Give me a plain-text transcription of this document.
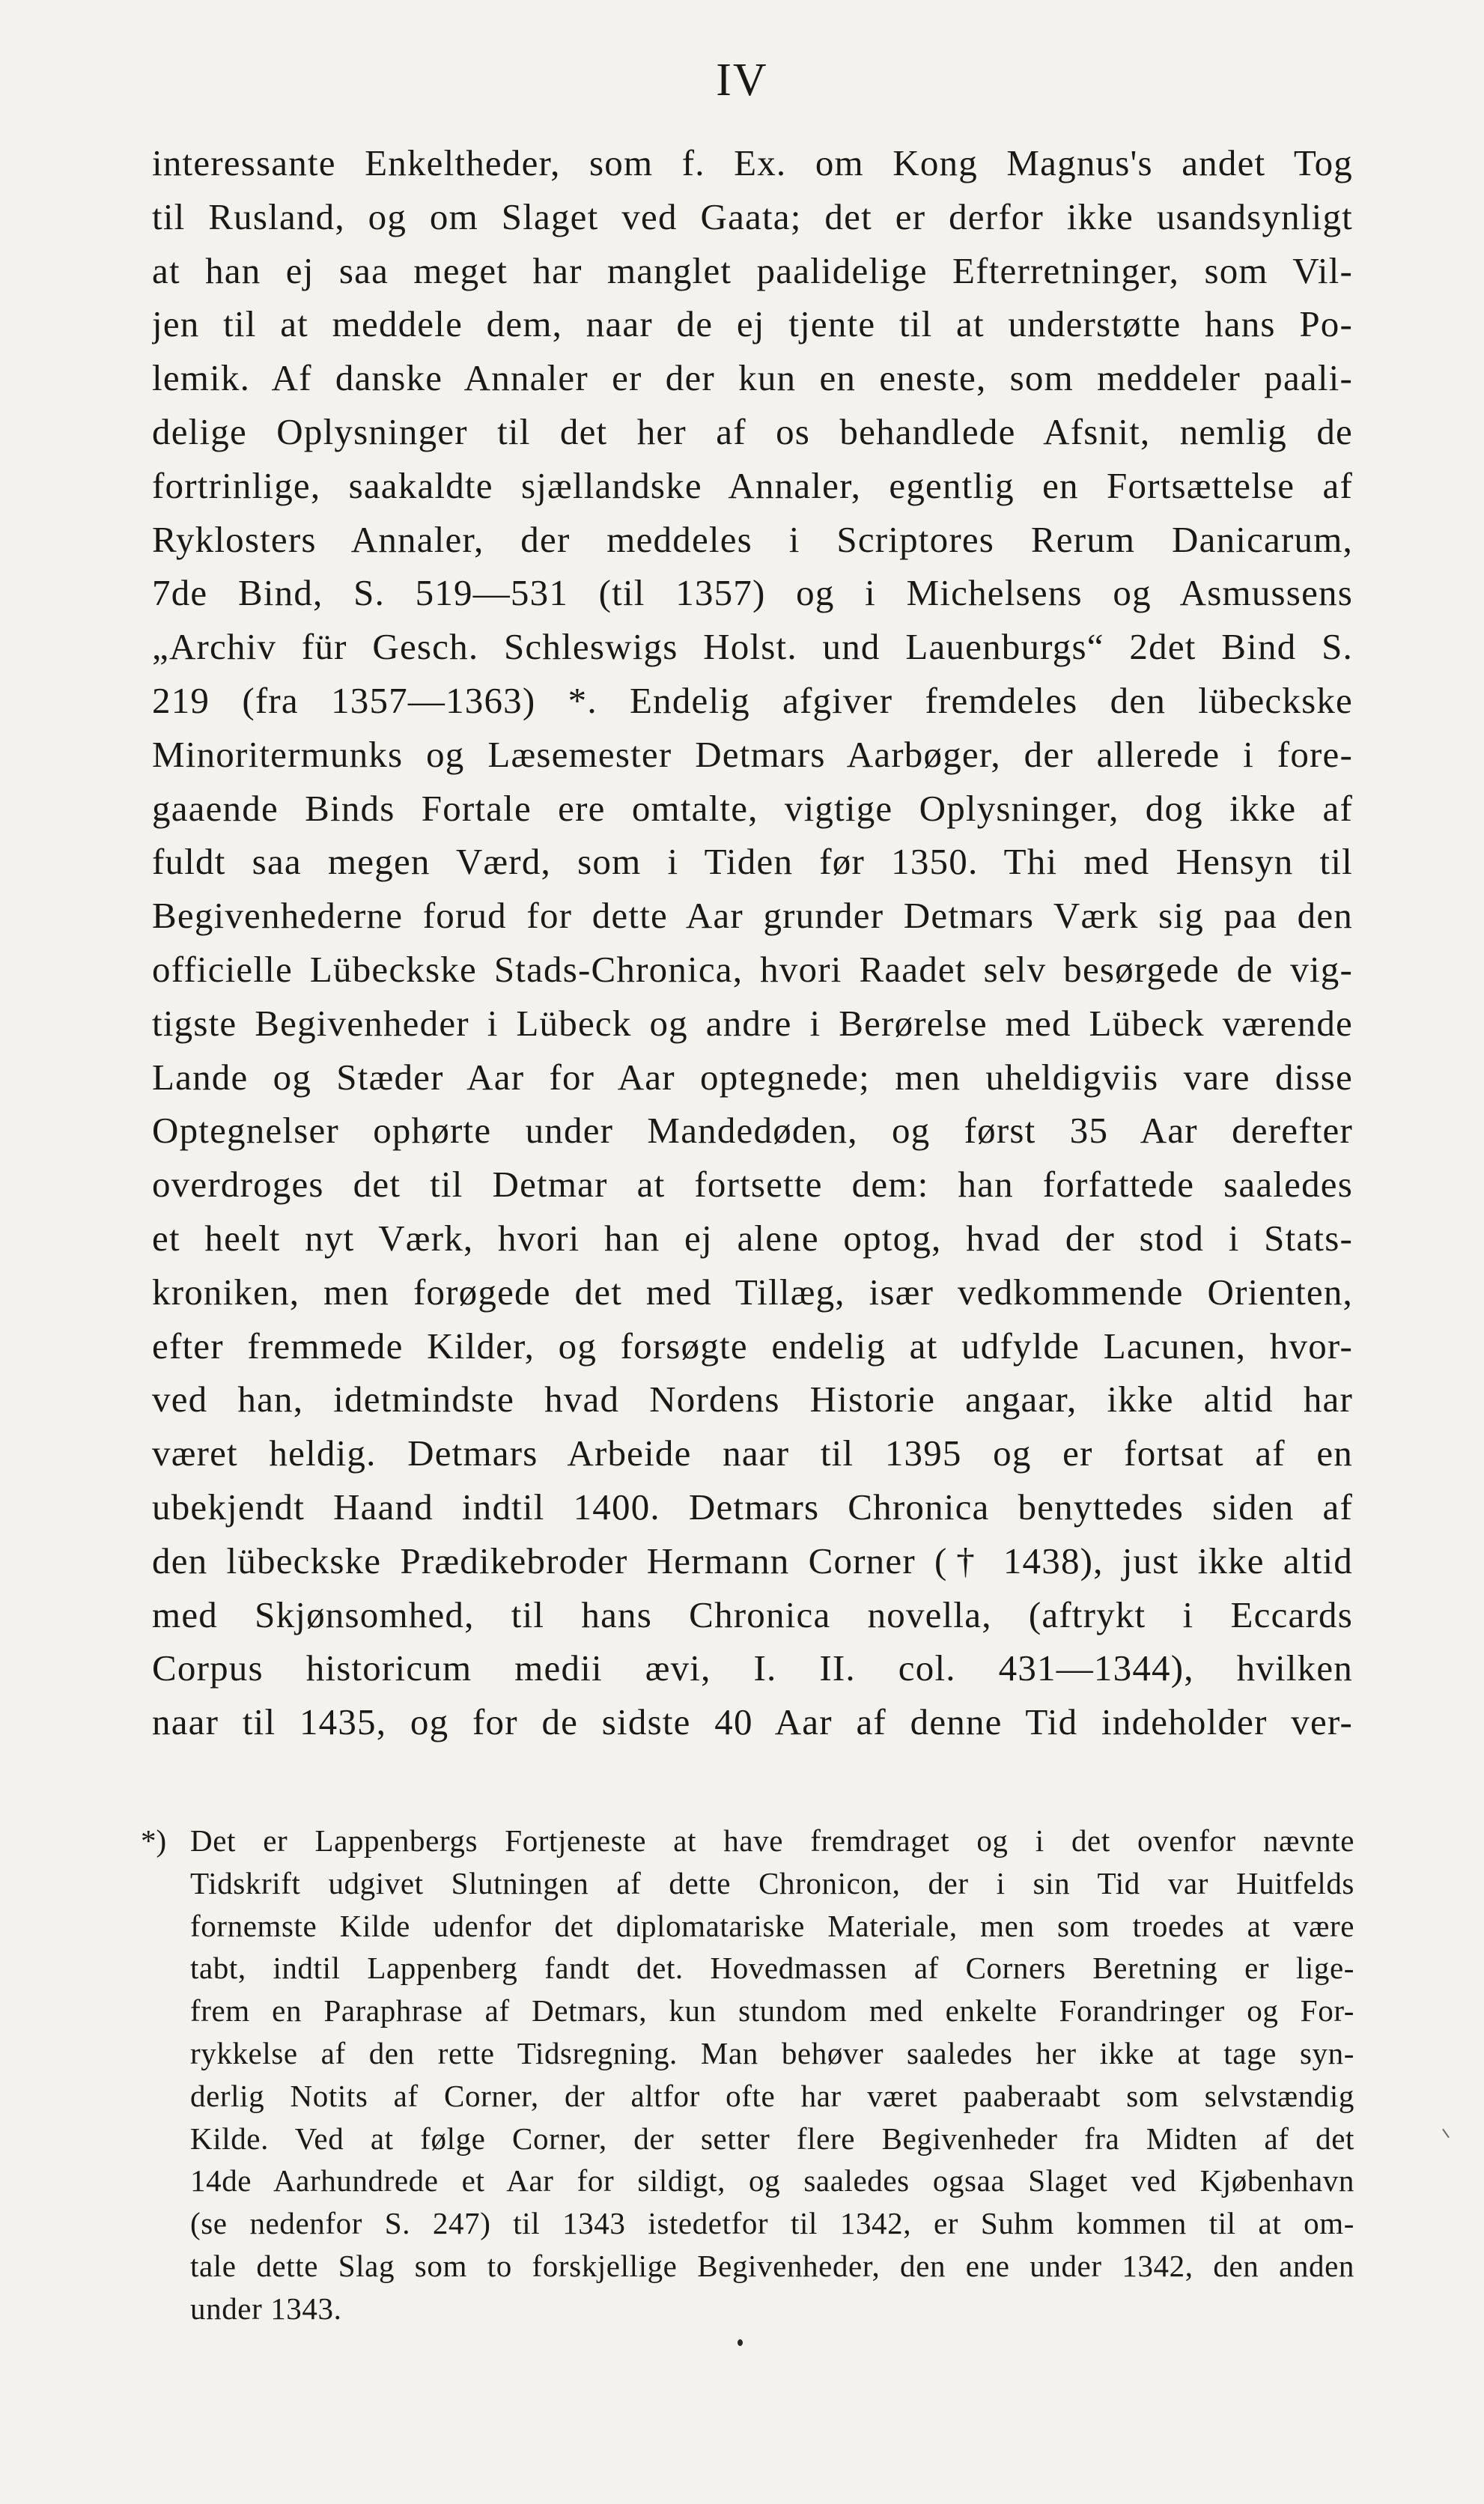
IV
interessante Enkeltheder, som f. Ex. om Kong Magnus's andet Tog
til Rusland, og om Slaget ved Gaata; det er derfor ikke usandsynligt
at han ej saa meget har manglet paalidelige Efterretninger, som Vil-
jen til at meddele dem, naar de ej tjente til at understøtte hans Po-
lemik. Af danske Annaler er der kun en eneste, som meddeler paali-
delige Oplysninger til det her af os behandlede Afsnit, nemlig de
fortrinlige, saakaldte sjællandske Annaler, egentlig en Fortsættelse af
Ryklosters Annaler, der meddeles i Scriptores Rerum Danicarum,
7de Bind, S. 519—531 (til 1357) og i Michelsens og Asmussens
„Archiv für Gesch. Schleswigs Holst. und Lauenburgs“ 2det Bind S.
219 (fra 1357—1363) *. Endelig afgiver fremdeles den lübeckske
Minoritermunks og Læsemester Detmars Aarbøger, der allerede i fore-
gaaende Binds Fortale ere omtalte, vigtige Oplysninger, dog ikke af
fuldt saa megen Værd, som i Tiden før 1350. Thi med Hensyn til
Begivenhederne forud for dette Aar grunder Detmars Værk sig paa den
officielle Lübeckske Stads-Chronica, hvori Raadet selv besørgede de vig-
tigste Begivenheder i Lübeck og andre i Berørelse med Lübeck værende
Lande og Stæder Aar for Aar optegnede; men uheldigviis vare disse
Optegnelser ophørte under Mandedøden, og først 35 Aar derefter
overdroges det til Detmar at fortsette dem: han forfattede saaledes
et heelt nyt Værk, hvori han ej alene optog, hvad der stod i Stats-
kroniken, men forøgede det med Tillæg, især vedkommende Orienten,
efter fremmede Kilder, og forsøgte endelig at udfylde Lacunen, hvor-
ved han, idetmindste hvad Nordens Historie angaar, ikke altid har
været heldig. Detmars Arbeide naar til 1395 og er fortsat af en
ubekjendt Haand indtil 1400. Detmars Chronica benyttedes siden af
den lübeckske Prædikebroder Hermann Corner († 1438), just ikke altid
med Skjønsomhed, til hans Chronica novella, (aftrykt i Eccards
Corpus historicum medii ævi, I. II. col. 431—1344), hvilken
naar til 1435, og for de sidste 40 Aar af denne Tid indeholder ver-
*) Det er Lappenbergs Fortjeneste at have fremdraget og i det ovenfor nævnte
Tidskrift udgivet Slutningen af dette Chronicon, der i sin Tid var Huitfelds
fornemste Kilde udenfor det diplomatariske Materiale, men som troedes at være
tabt, indtil Lappenberg fandt det. Hovedmassen af Corners Beretning er lige-
frem en Paraphrase af Detmars, kun stundom med enkelte Forandringer og For-
rykkelse af den rette Tidsregning. Man behøver saaledes her ikke at tage syn-
derlig Notits af Corner, der altfor ofte har været paaberaabt som selvstændig
Kilde. Ved at følge Corner, der setter flere Begivenheder fra Midten af det
14de Aarhundrede et Aar for sildigt, og saaledes ogsaa Slaget ved Kjøbenhavn
(se nedenfor S. 247) til 1343 istedetfor til 1342, er Suhm kommen til at om-
tale dette Slag som to forskjellige Begivenheder, den ene under 1342, den anden
under 1343.
